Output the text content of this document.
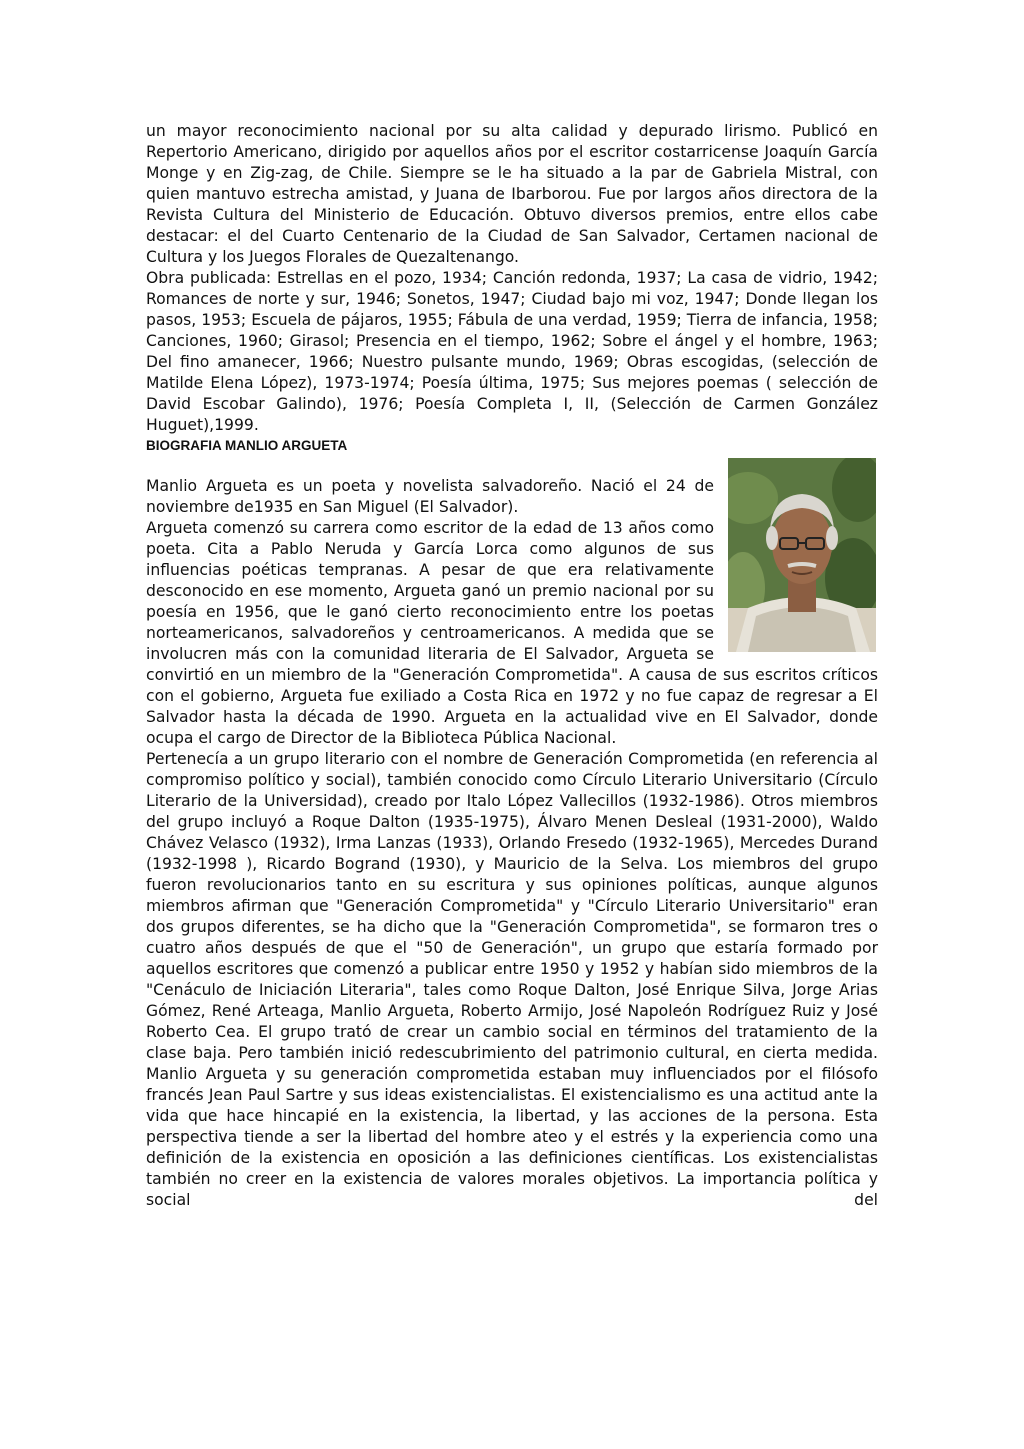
un mayor reconocimiento nacional por su alta calidad y depurado lirismo. Publicó en Repertorio Americano, dirigido por aquellos años por el escritor costarricense Joaquín García Monge y en Zig-zag, de Chile. Siempre se le ha situado a la par de Gabriela Mistral, con quien mantuvo estrecha amistad, y Juana de Ibarborou. Fue por largos años directora de la Revista Cultura del Ministerio de Educación. Obtuvo diversos premios, entre ellos cabe destacar: el del Cuarto Centenario de la Ciudad de San Salvador, Certamen nacional de Cultura y los Juegos Florales de Quezaltenango.

Obra publicada: Estrellas en el pozo, 1934; Canción redonda, 1937; La casa de vidrio, 1942; Romances de norte y sur, 1946; Sonetos, 1947; Ciudad bajo mi voz, 1947; Donde llegan los pasos, 1953; Escuela de pájaros, 1955; Fábula de una verdad, 1959; Tierra de infancia, 1958; Canciones, 1960; Girasol; Presencia en el tiempo, 1962; Sobre el ángel y el hombre, 1963; Del fino amanecer, 1966; Nuestro pulsante mundo, 1969; Obras escogidas, (selección de Matilde Elena López), 1973-1974; Poesía última, 1975; Sus mejores poemas ( selección de David Escobar Galindo), 1976; Poesía Completa I, II, (Selección de Carmen González Huguet),1999.

BIOGRAFIA MANLIO ARGUETA

Manlio Argueta es un poeta y novelista salvadoreño. Nació el 24 de noviembre de1935 en San Miguel (El Salvador).

Argueta comenzó su carrera como escritor de la edad de 13 años como poeta. Cita a Pablo Neruda y García Lorca como algunos de sus influencias poéticas tempranas. A pesar de que era relativamente desconocido en ese momento, Argueta ganó un premio nacional por su poesía en 1956, que le ganó cierto reconocimiento entre los poetas norteamericanos, salvadoreños y centroamericanos. A medida que se involucren más con la comunidad literaria de El Salvador, Argueta se convirtió en un miembro de la "Generación Comprometida". A causa de sus escritos críticos con el gobierno, Argueta fue exiliado a Costa Rica en 1972 y no fue capaz de regresar a El Salvador hasta la década de 1990. Argueta en la actualidad vive en El Salvador, donde ocupa el cargo de Director de la Biblioteca Pública Nacional.

Pertenecía a un grupo literario con el nombre de Generación Comprometida (en referencia al compromiso político y social), también conocido como Círculo Literario Universitario (Círculo Literario de la Universidad), creado por Italo López Vallecillos (1932-1986). Otros miembros del grupo incluyó a Roque Dalton (1935-1975), Álvaro Menen Desleal (1931-2000), Waldo Chávez Velasco (1932), Irma Lanzas (1933), Orlando Fresedo (1932-1965), Mercedes Durand (1932-1998 ), Ricardo Bogrand (1930), y Mauricio de la Selva. Los miembros del grupo fueron revolucionarios tanto en su escritura y sus opiniones políticas, aunque algunos miembros afirman que "Generación Comprometida" y "Círculo Literario Universitario" eran dos grupos diferentes, se ha dicho que la "Generación Comprometida", se formaron tres o cuatro años después de que el "50 de Generación", un grupo que estaría formado por aquellos escritores que comenzó a publicar entre 1950 y 1952 y habían sido miembros de la "Cenáculo de Iniciación Literaria", tales como Roque Dalton, José Enrique Silva, Jorge Arias Gómez, René Arteaga, Manlio Argueta, Roberto Armijo, José Napoleón Rodríguez Ruiz y José Roberto Cea. El grupo trató de crear un cambio social en términos del tratamiento de la clase baja. Pero también inició redescubrimiento del patrimonio cultural, en cierta medida. Manlio Argueta y su generación comprometida estaban muy influenciados por el filósofo francés Jean Paul Sartre y sus ideas existencialistas. El existencialismo es una actitud ante la vida que hace hincapié en la existencia, la libertad, y las acciones de la persona. Esta perspectiva tiende a ser la libertad del hombre ateo y el estrés y la experiencia como una definición de la existencia en oposición a las definiciones científicas. Los existencialistas también no creer en la existencia de valores morales objetivos. La importancia política y social del
